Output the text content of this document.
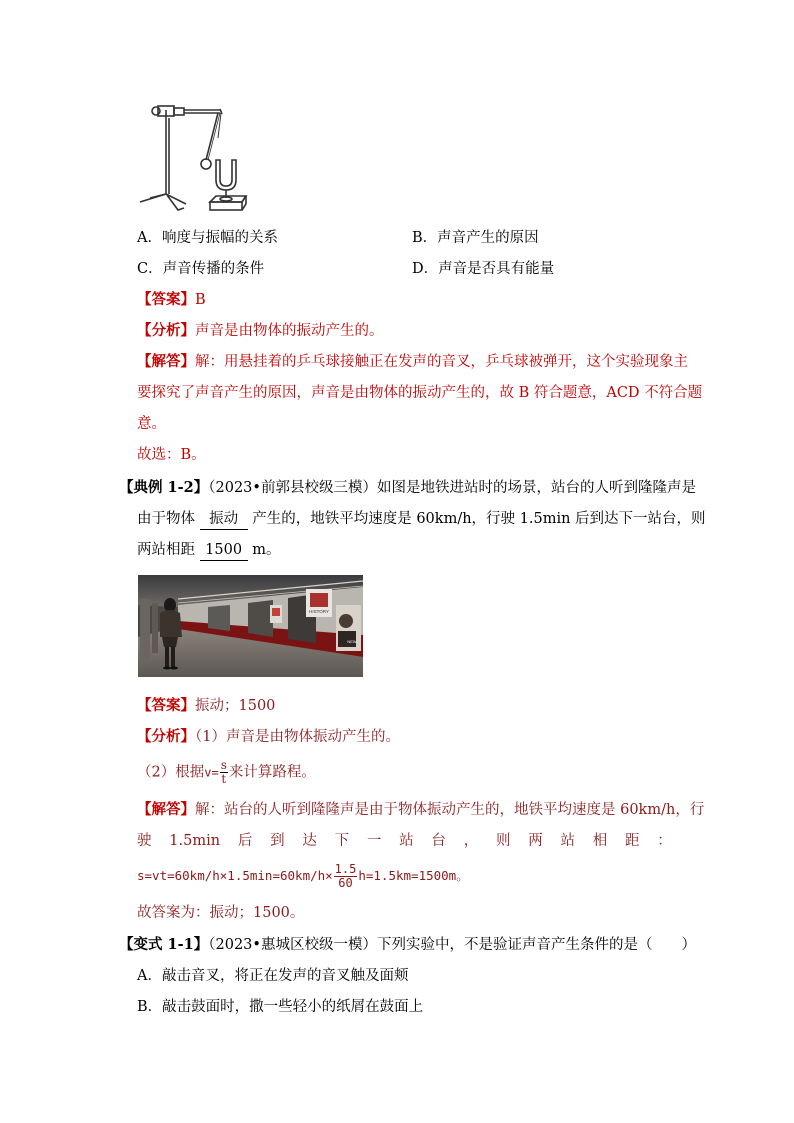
A．响度与振幅的关系	B．声音产生的原因
C．声音传播的条件	D．声音是否具有能量
【答案】B
【分析】声音是由物体的振动产生的。
【解答】解：用悬挂着的乒乓球接触正在发声的音叉，乒乓球被弹开，这个实验现象主
要探究了声音产生的原因，声音是由物体的振动产生的，故 B 符合题意，ACD 不符合题
意。
故选：B。
【典例 1-2】（2023•前郭县校级三模）如图是地铁进站时的场景，站台的人听到隆隆声是
由于物体 振动 产生的，地铁平均速度是 60km/h，行驶 1.5min 后到达下一站台，则
两站相距 1500 m。
HISTORY
NEW
【答案】振动；1500
【分析】（1）声音是由物体振动产生的。
（2）根据$v= \frac{s}{t}$ 来计算路程。
【解答】解：站台的人听到隆隆声是由于物体振动产生的，地铁平均速度是 60km/h，行
驶 1.5min 后 到 达 下 一 站 台 ， 则 两 站 相 距 ：
$s=vt=60km/h\times 1.5\min=60km/h\times \frac{1.5}{60} h=1.5km=1500m$。
故答案为：振动；1500。
【变式 1-1】（2023•惠城区校级一模）下列实验中，不是验证声音产生条件的是（　　）
A．敲击音叉，将正在发声的音叉触及面颊
B．敲击鼓面时，撒一些轻小的纸屑在鼓面上
